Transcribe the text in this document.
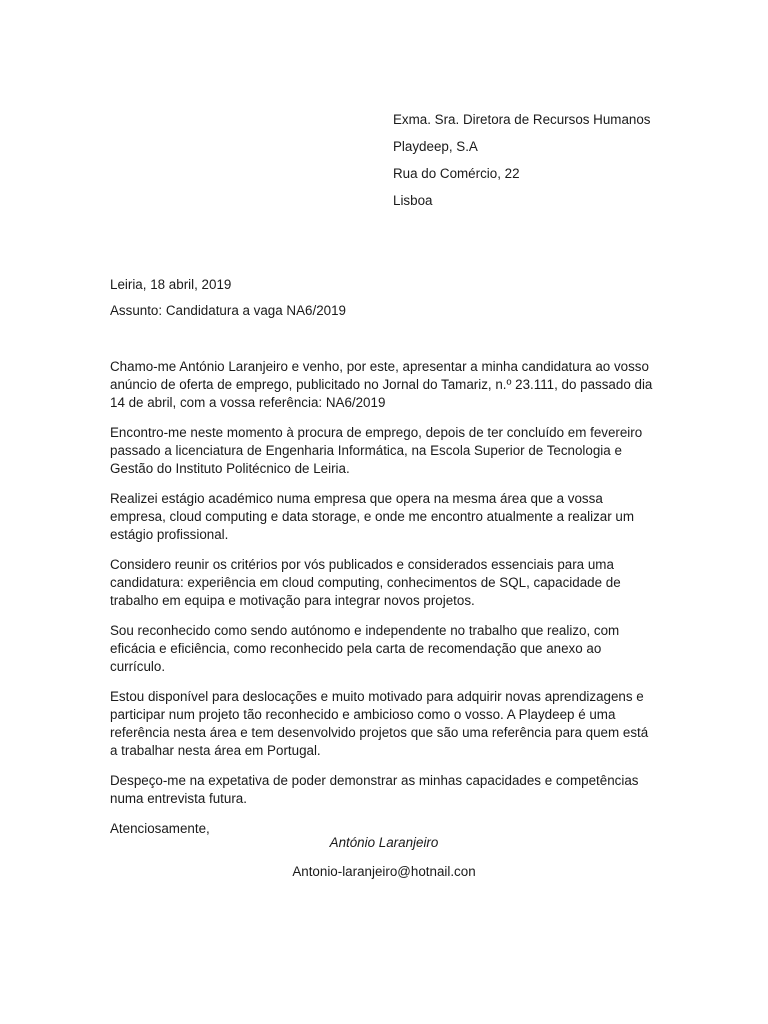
Exma. Sra. Diretora de Recursos Humanos
Playdeep, S.A
Rua do Comércio, 22
Lisboa
Leiria, 18 abril, 2019
Assunto: Candidatura a vaga NA6/2019

Chamo-me António Laranjeiro e venho, por este, apresentar a minha candidatura ao vosso anúncio de oferta de emprego, publicitado no Jornal do Tamariz, n.º 23.111, do passado dia 14 de abril, com a vossa referência: NA6/2019

Encontro-me neste momento à procura de emprego, depois de ter concluído em fevereiro passado a licenciatura de Engenharia Informática, na Escola Superior de Tecnologia e Gestão do Instituto Politécnico de Leiria.

Realizei estágio académico numa empresa que opera na mesma área que a vossa empresa, cloud computing e data storage, e onde me encontro atualmente a realizar um estágio profissional.

Considero reunir os critérios por vós publicados e considerados essenciais para uma candidatura: experiência em cloud computing, conhecimentos de SQL, capacidade de trabalho em equipa e motivação para integrar novos projetos.

Sou reconhecido como sendo autónomo e independente no trabalho que realizo, com eficácia e eficiência, como reconhecido pela carta de recomendação que anexo ao currículo.

Estou disponível para deslocações e muito motivado para adquirir novas aprendizagens e participar num projeto tão reconhecido e ambicioso como o vosso. A Playdeep é uma referência nesta área e tem desenvolvido projetos que são uma referência para quem está a trabalhar nesta área em Portugal.

Despeço-me na expetativa de poder demonstrar as minhas capacidades e competências numa entrevista futura.

Atenciosamente,

António Laranjeiro
Antonio-laranjeiro@hotnail.con
